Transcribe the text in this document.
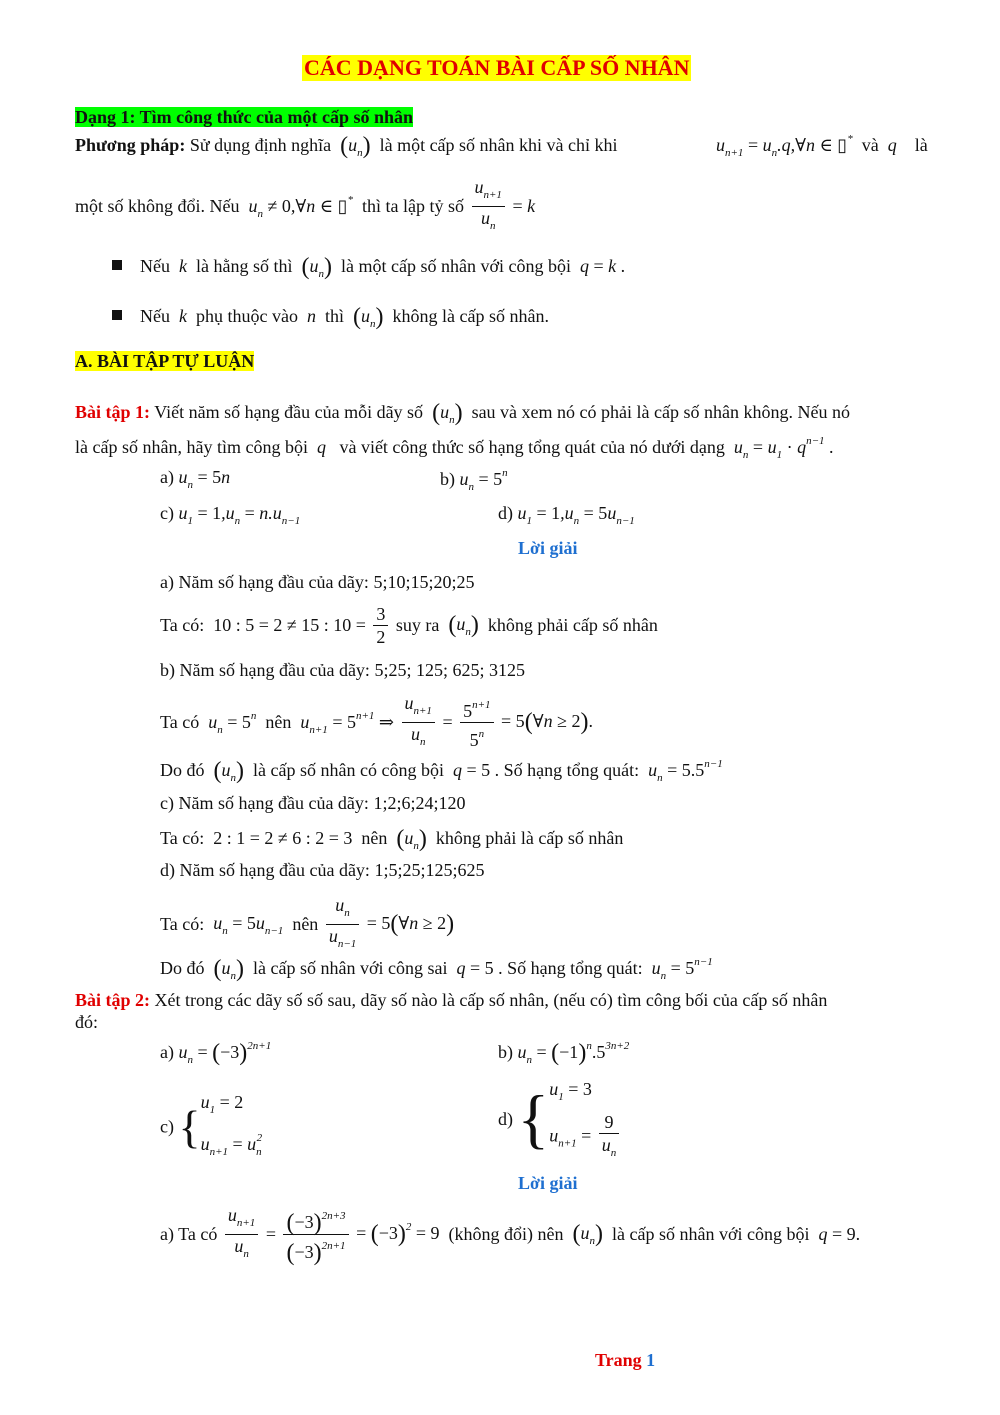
CÁC DẠNG TOÁN BÀI CẤP SỐ NHÂN
Dạng 1: Tìm công thức của một cấp số nhân
Phương pháp: Sử dụng định nghĩa $(u_n)$ là một cấp số nhân khi và chỉ khi	$u_{n+1}$ = $u_n.q,\forall n$ ∈ ▯* và q là
một số không đổi. Nếu  $u_n$ ≠ 0,∀n ∈ ▯* thì ta lập tỷ số $\frac{u_{n+1}}{u_n} = k$
Nếu  k  là hằng số thì $(u_n)$ là một cấp số nhân với công bội  q = k .
Nếu  k  phụ thuộc vào  n  thì $(u_n)$ không là cấp số nhân.
A. BÀI TẬP TỰ LUẬN
Bài tập 1: Viết năm số hạng đầu của mỗi dãy số $(u_n)$ sau và xem nó có phải là cấp số nhân không. Nếu nó
là cấp số nhân, hãy tìm công bội  q   và viết công thức số hạng tổng quát của nó dưới dạng  $u_n = u_1 \cdot q^{n-1}$ .
a) $u_n = 5n$	b) $u_n = 5^n$
c) $u_1 = 1,u_n = n.u_{n-1}$	d) $u_1 = 1,u_n = 5u_{n-1}$
Lời giải
a) Năm số hạng đầu của dãy: 5;10;15;20;25
Ta có:  10 : 5 = 2 ≠ 15 : $10 = \frac{3}{2}$ suy ra $(u_n)$ không phải cấp số nhân
b) Năm số hạng đầu của dãy: 5;25; 125; 625; 3125
Ta có  $u_n = 5^n$ nên  $u_{n+1} = 5^{n+1}$ ⇒ $\frac{u_{n+1}}{u_n} = \frac{5^{n+1}}{5^n}$ = 5(∀n ≥ 2).
Do đó $(u_n)$ là cấp số nhân có công bội  q = 5 . Số hạng tổng quát:  $u_n = 5.5^{n-1}$
c) Năm số hạng đầu của dãy: 1;2;6;24;120
Ta có:  2 : 1 = 2 ≠ 6 : 2 = 3  nên $(u_n)$ không phải là cấp số nhân
d) Năm số hạng đầu của dãy: 1;5;25;125;625
Ta có:  $u_n = 5u_{n-1}$ nên $\frac{u_n}{u_{n-1}}$ = 5(∀n ≥ 2)
Do đó $(u_n)$ là cấp số nhân với công sai  q = 5 . Số hạng tổng quát:  $u_n = 5^{n-1}$
Bài tập 2: Xét trong các dãy số số sau, dãy số nào là cấp số nhân, (nếu có) tìm công bối của cấp số nhân
đó:
a) $u_n = (-3)^{2n+1}$	b) $u_n = (-1)^n.5^{3n+2}$
c) { $u_1 = 2$
$u_{n+1} = u_n^2$
d) { $u_1 = 3$
$u_{n+1} = \frac{9}{u_n}$
Lời giải
a) Ta có $\frac{u_{n+1}}{u_n} = \frac{(-3)^{2n+3}}{(-3)^{2n+1}} = (-3)^2 = 9$  (không đổi) nên $(u_n)$ là cấp số nhân với công bội  q = 9.
Trang 1
